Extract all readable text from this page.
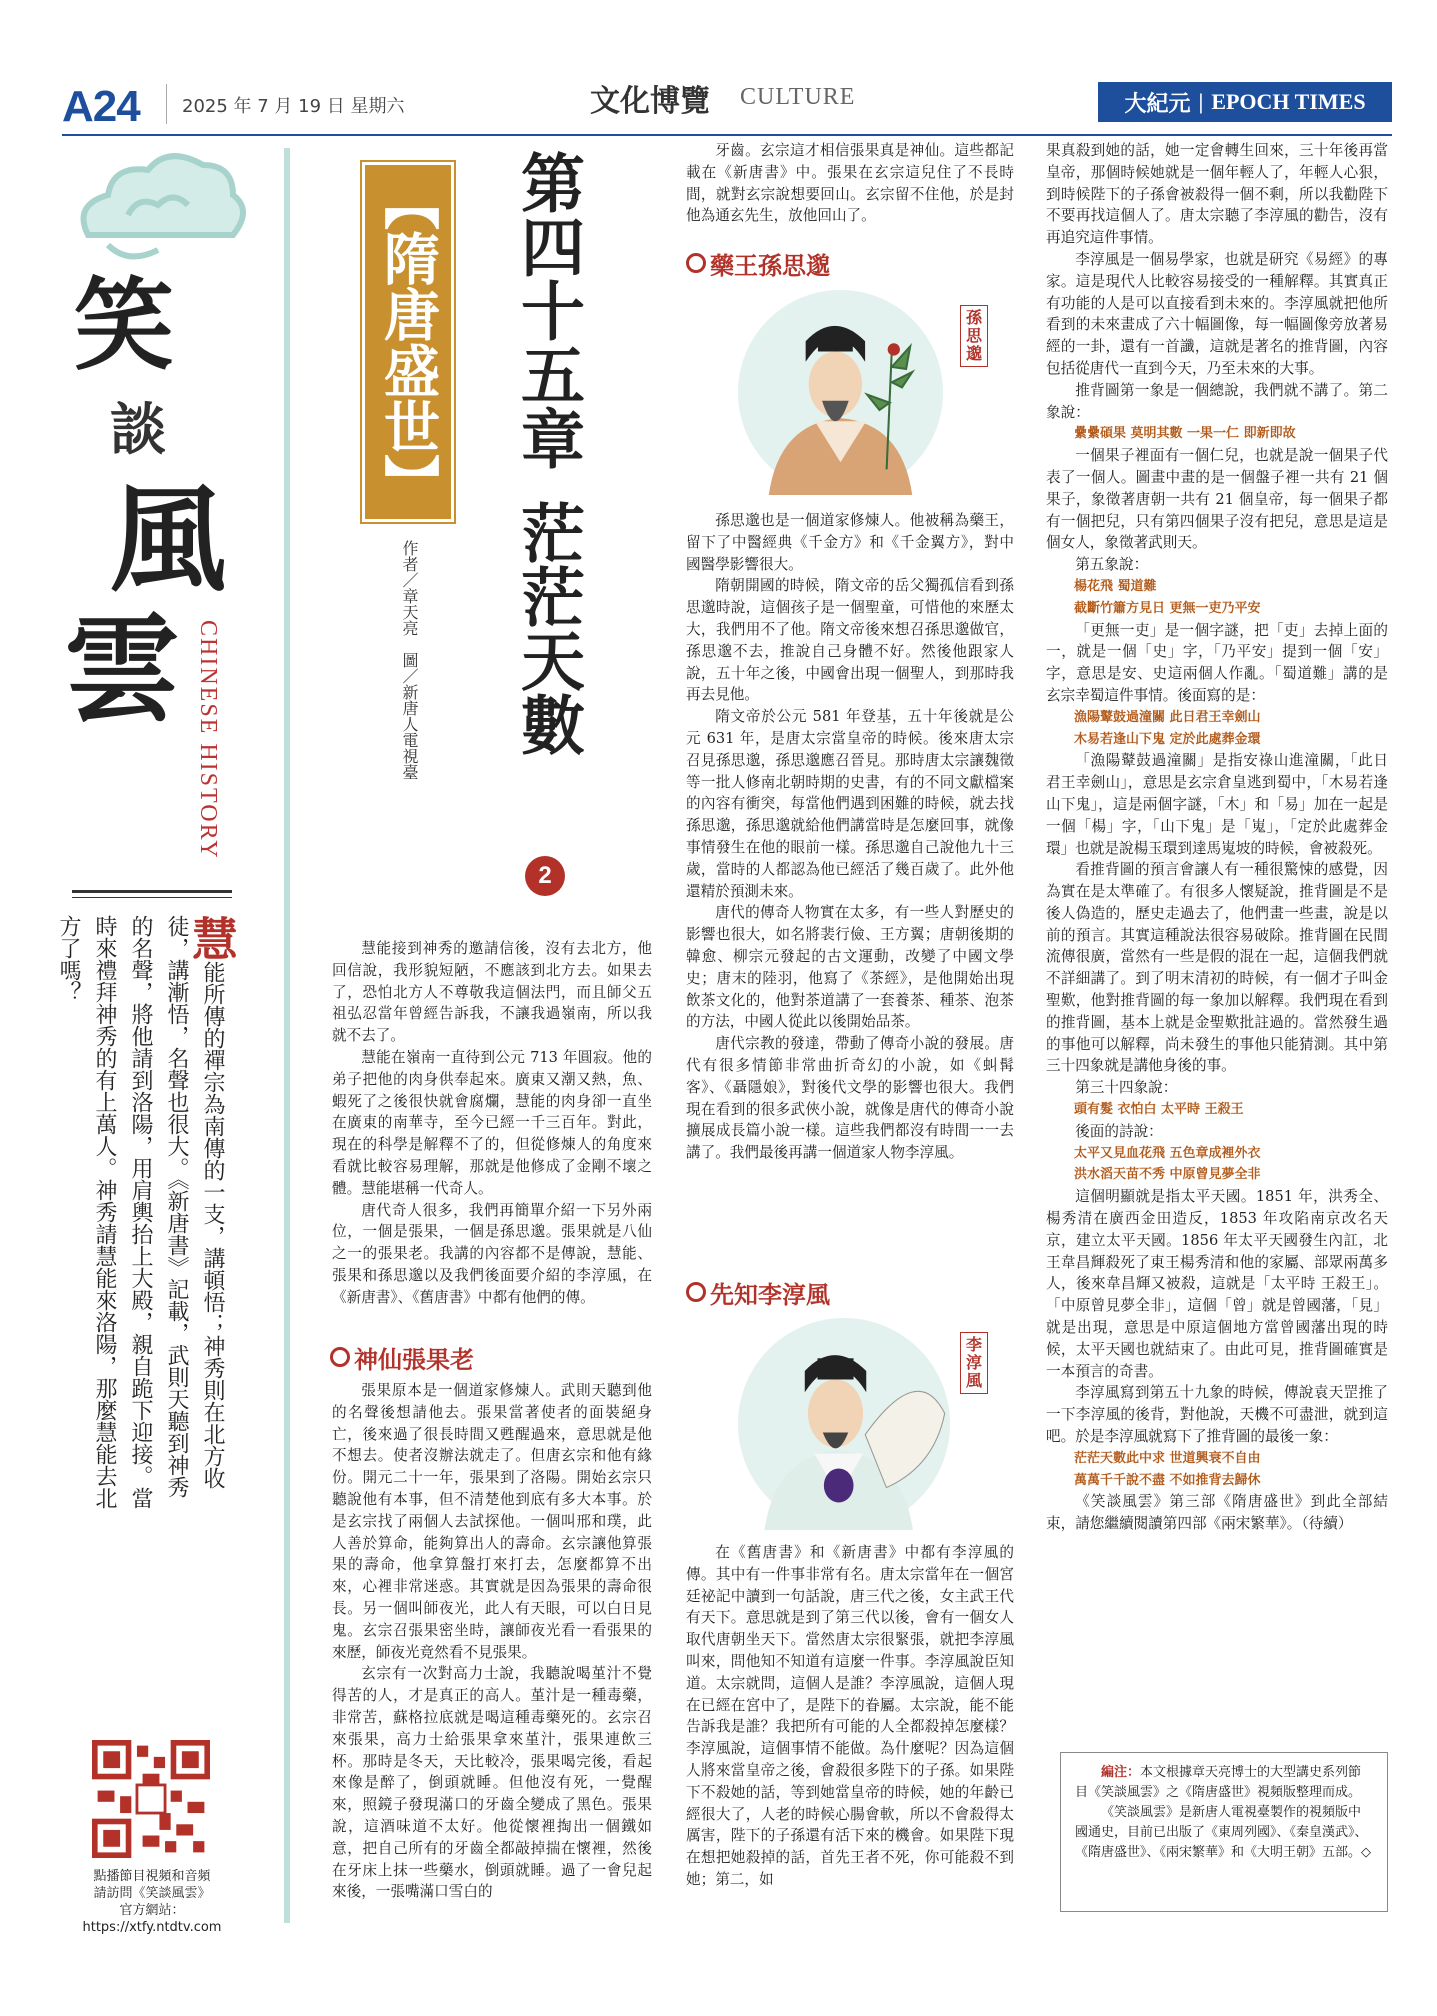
A24 2025 年 7 月 19 日 星期六	文化博覽 CULTURE	大紀元 | EPOCH TIMES
笑
談
風
雲 CHINESE HISTORY
慧能所傳的禪宗為南傳的一支，講頓悟；神秀則在北方收徒，講漸悟，名聲也很大。《新唐書》記載，武則天聽到神秀的名聲，將他請到洛陽，用肩輿抬上大殿，親自跪下迎接。當時來禮拜神秀的有上萬人。神秀請慧能來洛陽，那麼慧能去北方了嗎？
點播節目視頻和音頻
請訪問《笑談風雲》
官方網站：
https://xtfy.ntdtv.com
【隋唐盛世】 第四十五章
茫茫天數
2
作者／章天亮　圖／新唐人電視臺

慧能接到神秀的邀請信後，沒有去北方，他回信說，我形貌短陋，不應該到北方去。如果去了，恐怕北方人不尊敬我這個法門，而且師父五祖弘忍當年曾經告訴我，不讓我過嶺南，所以我就不去了。

慧能在嶺南一直待到公元 713 年圓寂。他的弟子把他的肉身供奉起來。廣東又潮又熱，魚、蝦死了之後很快就會腐爛，慧能的肉身卻一直坐在廣東的南華寺，至今已經一千三百年。對此，現在的科學是解釋不了的，但從修煉人的角度來看就比較容易理解，那就是他修成了金剛不壞之體。慧能堪稱一代奇人。

唐代奇人很多，我們再簡單介紹一下另外兩位，一個是張果，一個是孫思邈。張果就是八仙之一的張果老。我講的內容都不是傳說，慧能、張果和孫思邈以及我們後面要介紹的李淳風，在《新唐書》、《舊唐書》中都有他們的傳。

神仙張果老

張果原本是一個道家修煉人。武則天聽到他的名聲後想請他去。張果當著使者的面裝絕身亡，後來過了很長時間又甦醒過來，意思就是他不想去。使者沒辦法就走了。但唐玄宗和他有緣份。開元二十一年，張果到了洛陽。開始玄宗只聽說他有本事，但不清楚他到底有多大本事。於是玄宗找了兩個人去試探他。一個叫邢和璞，此人善於算命，能夠算出人的壽命。玄宗讓他算張果的壽命，他拿算盤打來打去，怎麼都算不出來，心裡非常迷惑。其實就是因為張果的壽命很長。另一個叫師夜光，此人有天眼，可以白日見鬼。玄宗召張果密坐時，讓師夜光看一看張果的來歷，師夜光竟然看不見張果。

玄宗有一次對高力士說，我聽說喝堇汁不覺得苦的人，才是真正的高人。堇汁是一種毒藥，非常苦，蘇格拉底就是喝這種毒藥死的。玄宗召來張果，高力士給張果拿來堇汁，張果連飲三杯。那時是冬天，天比較冷，張果喝完後，看起來像是醉了，倒頭就睡。但他沒有死，一覺醒來，照鏡子發現滿口的牙齒全變成了黑色。張果說，這酒味道不太好。他從懷裡掏出一個鐵如意，把自己所有的牙齒全都敲掉揣在懷裡，然後在牙床上抹一些藥水，倒頭就睡。過了一會兒起來後，一張嘴滿口雪白的

牙齒。玄宗這才相信張果真是神仙。這些都記載在《新唐書》中。張果在玄宗這兒住了不長時間，就對玄宗說想要回山。玄宗留不住他，於是封他為通玄先生，放他回山了。

藥王孫思邈
孫思邈

孫思邈也是一個道家修煉人。他被稱為藥王，留下了中醫經典《千金方》和《千金翼方》，對中國醫學影響很大。

隋朝開國的時候，隋文帝的岳父獨孤信看到孫思邈時說，這個孩子是一個聖童，可惜他的來歷太大，我們用不了他。隋文帝後來想召孫思邈做官，孫思邈不去，推說自己身體不好。然後他跟家人說，五十年之後，中國會出現一個聖人，到那時我再去見他。

隋文帝於公元 581 年登基，五十年後就是公元 631 年，是唐太宗當皇帝的時候。後來唐太宗召見孫思邈，孫思邈應召晉見。那時唐太宗讓魏徵等一批人修南北朝時期的史書，有的不同文獻檔案的內容有衝突，每當他們遇到困難的時候，就去找孫思邈，孫思邈就給他們講當時是怎麼回事，就像事情發生在他的眼前一樣。孫思邈自己說他九十三歲，當時的人都認為他已經活了幾百歲了。此外他還精於預測未來。

唐代的傳奇人物實在太多，有一些人對歷史的影響也很大，如名將裴行儉、王方翼；唐朝後期的韓愈、柳宗元發起的古文運動，改變了中國文學史；唐末的陸羽，他寫了《茶經》，是他開始出現飲茶文化的，他對茶道講了一套養茶、種茶、泡茶的方法，中國人從此以後開始品茶。

唐代宗教的發達，帶動了傳奇小說的發展。唐代有很多情節非常曲折奇幻的小說，如《虯髯客》、《聶隱娘》，對後代文學的影響也很大。我們現在看到的很多武俠小說，就像是唐代的傳奇小說擴展成長篇小說一樣。這些我們都沒有時間一一去講了。我們最後再講一個道家人物李淳風。

先知李淳風
李淳風

在《舊唐書》和《新唐書》中都有李淳風的傳。其中有一件事非常有名。唐太宗當年在一個宮廷祕記中讀到一句話說，唐三代之後，女主武王代有天下。意思就是到了第三代以後，會有一個女人取代唐朝坐天下。當然唐太宗很緊張，就把李淳風叫來，問他知不知道有這麼一件事。李淳風說臣知道。太宗就問，這個人是誰？李淳風說，這個人現在已經在宮中了，是陛下的眷屬。太宗說，能不能告訴我是誰？我把所有可能的人全都殺掉怎麼樣？李淳風說，這個事情不能做。為什麼呢？因為這個人將來當皇帝之後，會殺很多陛下的子孫。如果陛下不殺她的話，等到她當皇帝的時候，她的年齡已經很大了，人老的時候心腸會軟，所以不會殺得太厲害，陛下的子孫還有活下來的機會。如果陛下現在想把她殺掉的話，首先王者不死，你可能殺不到她；第二，如

果真殺到她的話，她一定會轉生回來，三十年後再當皇帝，那個時候她就是一個年輕人了，年輕人心狠，到時候陛下的子孫會被殺得一個不剩，所以我勸陛下不要再找這個人了。唐太宗聽了李淳風的勸告，沒有再追究這件事情。

李淳風是一個易學家，也就是研究《易經》的專家。這是現代人比較容易接受的一種解釋。其實真正有功能的人是可以直接看到未來的。李淳風就把他所看到的未來畫成了六十幅圖像，每一幅圖像旁放著易經的一卦，還有一首讖，這就是著名的推背圖，內容包括從唐代一直到今天，乃至未來的大事。

推背圖第一象是一個總說，我們就不講了。第二象說：

纍纍碩果 莫明其數 一果一仁 即新即故

一個果子裡面有一個仁兒，也就是說一個果子代表了一個人。圖畫中畫的是一個盤子裡一共有 21 個果子，象徵著唐朝一共有 21 個皇帝，每一個果子都有一個把兒，只有第四個果子沒有把兒，意思是這是個女人，象徵著武則天。

第五象說：

楊花飛 蜀道難
截斷竹簫方見日 更無一吏乃平安

「更無一吏」是一個字謎，把「吏」去掉上面的一，就是一個「史」字，「乃平安」提到一個「安」字，意思是安、史這兩個人作亂。「蜀道難」講的是玄宗幸蜀這件事情。後面寫的是：

漁陽鼙鼓過潼關 此日君王幸劍山
木易若逢山下鬼 定於此處葬金環

「漁陽鼙鼓過潼關」是指安祿山進潼關，「此日君王幸劍山」，意思是玄宗倉皇逃到蜀中，「木易若逢山下鬼」，這是兩個字謎，「木」和「易」加在一起是一個「楊」字，「山下鬼」是「嵬」，「定於此處葬金環」也就是說楊玉環到達馬嵬坡的時候，會被殺死。

看推背圖的預言會讓人有一種很驚悚的感覺，因為實在是太準確了。有很多人懷疑說，推背圖是不是後人偽造的，歷史走過去了，他們畫一些畫，說是以前的預言。其實這種說法很容易破除。推背圖在民間流傳很廣，當然有一些是假的混在一起，這個我們就不詳細講了。到了明末清初的時候，有一個才子叫金聖歎，他對推背圖的每一象加以解釋。我們現在看到的推背圖，基本上就是金聖歎批註過的。當然發生過的事他可以解釋，尚未發生的事他只能猜測。其中第三十四象就是講他身後的事。

第三十四象說：

頭有髮 衣怕白 太平時 王殺王

後面的詩說：

太平又見血花飛 五色章成裡外衣
洪水滔天苗不秀 中原曾見夢全非

這個明顯就是指太平天國。1851 年，洪秀全、楊秀清在廣西金田造反，1853 年攻陷南京改名天京，建立太平天國。1856 年太平天國發生內訌，北王韋昌輝殺死了東王楊秀清和他的家屬、部眾兩萬多人，後來韋昌輝又被殺，這就是「太平時 王殺王」。「中原曾見夢全非」，這個「曾」就是曾國藩，「見」就是出現，意思是中原這個地方當曾國藩出現的時候，太平天國也就結束了。由此可見，推背圖確實是一本預言的奇書。

李淳風寫到第五十九象的時候，傳說袁天罡推了一下李淳風的後背，對他說，天機不可盡泄，就到這吧。於是李淳風就寫下了推背圖的最後一象：

茫茫天數此中求 世道興衰不自由
萬萬千千說不盡 不如推背去歸休

《笑談風雲》第三部《隋唐盛世》到此全部結束，請您繼續閱讀第四部《兩宋繁華》。（待續）

編注：本文根據章天亮博士的大型講史系列節目《笑談風雲》之《隋唐盛世》視頻版整理而成。

《笑談風雲》是新唐人電視臺製作的視頻版中國通史，目前已出版了《東周列國》、《秦皇漢武》、《隋唐盛世》、《兩宋繁華》和《大明王朝》五部。◇
